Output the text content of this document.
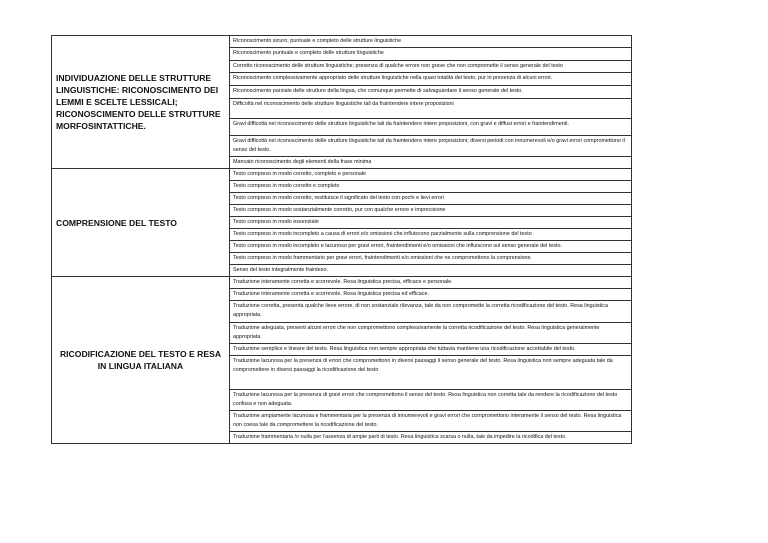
INDIVIDUAZIONE DELLE STRUTTURE LINGUISTICHE: RICONOSCIMENTO DEI LEMMI E SCELTE LESSICALI; RICONOSCIMENTO DELLE STRUTTURE MORFOSINTATTICHE.	Riconoscimento sicuro, puntuale e completo delle strutture linguistiche
	Riconoscimento puntuale e completo delle strutture linguistiche
	Corretto riconoscimento delle strutture linguistiche; presenza di qualche errore non grave che non compromette il senso generale del testo
	Riconoscimento complessivamente appropriato delle strutture linguistiche nella quasi totalità del testo, pur in presenza di alcuni errori.
	Riconoscimento parziale delle strutture della lingua, che comunque permette di salvaguardare il senso generale del testo.
	Difficoltà nel riconoscimento delle strutture linguistiche tali da fraintendere intere proposizioni
	Gravi difficoltà nel riconoscimento delle strutture linguistiche tali da fraintendere intere proposizioni, con gravi e diffusi errori e fraintendimenti.
	Gravi difficoltà nel riconoscimento delle strutture linguistiche tali da fraintendere intere proposizioni; diversi periodi con innumerevoli e/o gravi errori compromettono il senso del testo.
	Mancato riconoscimento degli elementi della frase minima
COMPRENSIONE DEL TESTO	Testo compreso in modo corretto, completo e personale
	Testo compreso in modo corretto e completo
	Testo compreso in modo corretto, restituisce il significato del testo con pochi e lievi errori
	Testo compreso in modo sostanzialmente corretto, pur con qualche errore e imprecisione
	Testo compreso in modo essenziale
	Testo compreso in modo incompleto a causa di errori e/o omissioni che influiscono parzialmente sulla comprensione del testo
	Testo compreso in modo incompleto e lacunoso per gravi errori, fraintendimenti e/o omissioni che influiscono sul senso generale del testo.
	Testo compreso in modo frammentario per gravi errori, fraintendimenti e/o omissioni che ne compromettono la comprensione.
	Senso del testo integralmente frainteso.
RICODIFICAZIONE DEL TESTO E RESA IN LINGUA ITALIANA	Traduzione interamente corretta e scorrevole. Resa linguistica precisa, efficace e personale.
	Traduzione interamente corretta e scorrevole. Resa linguistica precisa ed efficace.
	Traduzione corretta, presenta qualche lieve errore, di non sostanziale rilevanza, tale da non compromette la corretta ricodificazione del testo. Resa linguistica appropriata.
	Traduzione adeguata, presenti alcuni errori che non compromettono complessivamente la corretta ricodificazione del testo. Resa linguistica generalmente appropriata.
	Traduzione semplice e lineare del testo. Resa linguistica non sempre appropriata che tuttavia mantiene una ricodificazione accettabile del testo.
	Traduzione lacunosa per la presenza di errori che compromettono in diversi passaggi il senso generale del testo. Resa linguistica non sempre adeguata tale da compromettere in diversi passaggi la ricodificazione del testo
	Traduzione lacunosa per la presenza di gravi errori che compromettono il senso del testo. Resa linguistica non corretta tale da rendere la ricodificazione del testo confusa e non adeguata.
	Traduzione ampiamente lacunosa e frammentaria per la presenza di innumerevoli e gravi errori che compromettono interamente il senso del testo. Resa linguistica non coesa tale da compromettere la ricodificazione del testo.
	Traduzione frammentaria /o nulla per l’assenza di ampie parti di testo. Resa linguistica scarsa o nulla, tale da impedire la ricodifica del testo.
